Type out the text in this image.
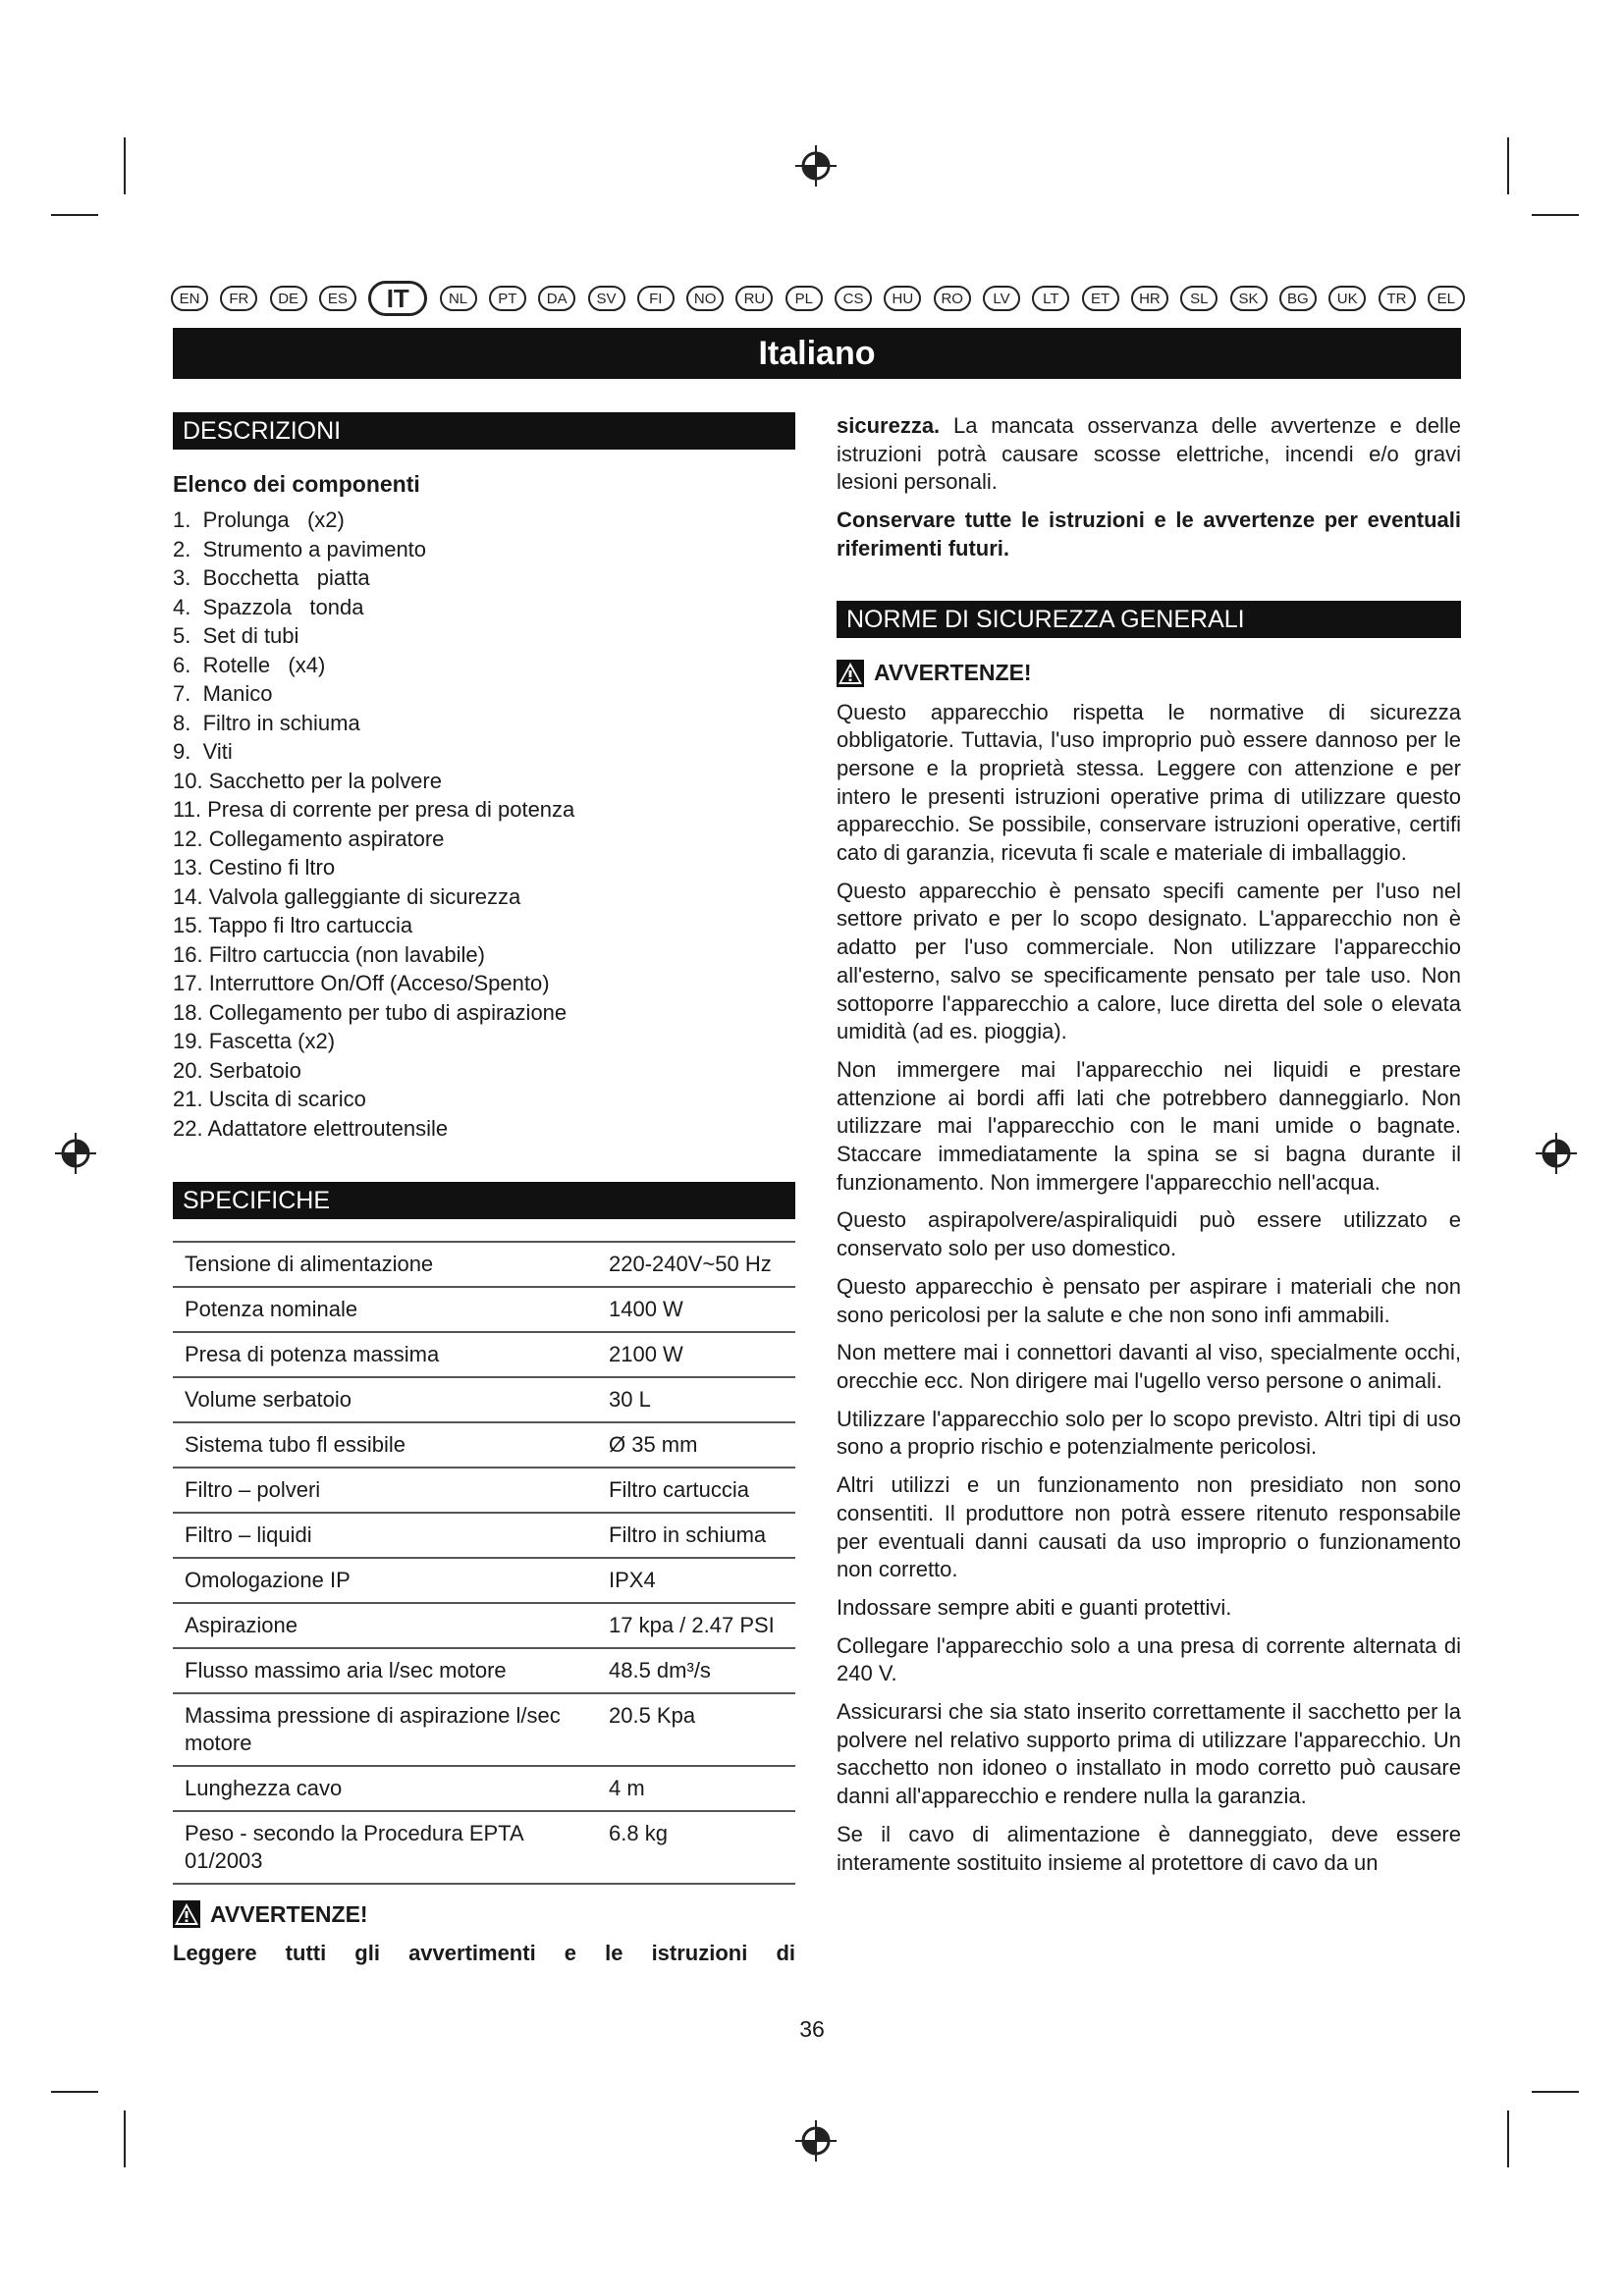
EN	FR	DE	ES	IT	NL	PT	DA	SV	FI	NO	RU	PL	CS	HU	RO	LV	LT	ET	HR	SL	SK	BG	UK	TR	EL
Italiano
DESCRIZIONI
Elenco dei componenti
1.  Prolunga   (x2)
2.  Strumento a pavimento
3.  Bocchetta   piatta
4.  Spazzola   tonda
5.  Set di tubi
6.  Rotelle   (x4)
7.  Manico
8.  Filtro in schiuma
9.  Viti
10. Sacchetto per la polvere
11. Presa di corrente per presa di potenza
12. Collegamento aspiratore
13. Cestino fi ltro
14. Valvola galleggiante di sicurezza
15. Tappo fi ltro cartuccia
16. Filtro cartuccia (non lavabile)
17. Interruttore On/Off (Acceso/Spento)
18. Collegamento per tubo di aspirazione
19. Fascetta (x2)
20. Serbatoio
21. Uscita di scarico
22. Adattatore elettroutensile
SPECIFICHE
Tensione di alimentazione	220-240V~50 Hz
Potenza nominale	1400 W
Presa di potenza massima	2100 W
Volume serbatoio	30 L
Sistema tubo fl essibile	Ø 35 mm
Filtro – polveri	Filtro cartuccia
Filtro – liquidi	Filtro in schiuma
Omologazione IP	IPX4
Aspirazione	17 kpa / 2.47 PSI
Flusso massimo aria l/sec motore	48.5 dm³/s
Massima pressione di aspirazione l/sec motore	20.5 Kpa
Lunghezza cavo	4 m
Peso - secondo la Procedura EPTA 01/2003	6.8 kg
AVVERTENZE!

Leggere tutti gli avvertimenti e le istruzioni di

sicurezza. La mancata osservanza delle avvertenze e delle istruzioni potrà causare scosse elettriche, incendi e/o gravi lesioni personali.

Conservare tutte le istruzioni e le avvertenze per eventuali riferimenti futuri.

NORME DI SICUREZZA GENERALI
AVVERTENZE!

Questo apparecchio rispetta le normative di sicurezza obbligatorie. Tuttavia, l'uso improprio può essere dannoso per le persone e la proprietà stessa. Leggere con attenzione e per intero le presenti istruzioni operative prima di utilizzare questo apparecchio. Se possibile, conservare istruzioni operative, certifi cato di garanzia, ricevuta fi scale e materiale di imballaggio.

Questo apparecchio è pensato specifi camente per l'uso nel settore privato e per lo scopo designato. L'apparecchio non è adatto per l'uso commerciale. Non utilizzare l'apparecchio all'esterno, salvo se specificamente pensato per tale uso. Non sottoporre l'apparecchio a calore, luce diretta del sole o elevata umidità (ad es. pioggia).

Non immergere mai l'apparecchio nei liquidi e prestare attenzione ai bordi affi lati che potrebbero danneggiarlo. Non utilizzare mai l'apparecchio con le mani umide o bagnate. Staccare immediatamente la spina se si bagna durante il funzionamento. Non immergere l'apparecchio nell'acqua.

Questo aspirapolvere/aspiraliquidi può essere utilizzato e conservato solo per uso domestico.

Questo apparecchio è pensato per aspirare i materiali che non sono pericolosi per la salute e che non sono infi ammabili.

Non mettere mai i connettori davanti al viso, specialmente occhi, orecchie ecc. Non dirigere mai l'ugello verso persone o animali.

Utilizzare l'apparecchio solo per lo scopo previsto. Altri tipi di uso sono a proprio rischio e potenzialmente pericolosi.

Altri utilizzi e un funzionamento non presidiato non sono consentiti. Il produttore non potrà essere ritenuto responsabile per eventuali danni causati da uso improprio o funzionamento non corretto.

Indossare sempre abiti e guanti protettivi.

Collegare l'apparecchio solo a una presa di corrente alternata di 240 V.

Assicurarsi che sia stato inserito correttamente il sacchetto per la polvere nel relativo supporto prima di utilizzare l'apparecchio. Un sacchetto non idoneo o installato in modo corretto può causare danni all'apparecchio e rendere nulla la garanzia.

Se il cavo di alimentazione è danneggiato, deve essere interamente sostituito insieme al protettore di cavo da un

36
